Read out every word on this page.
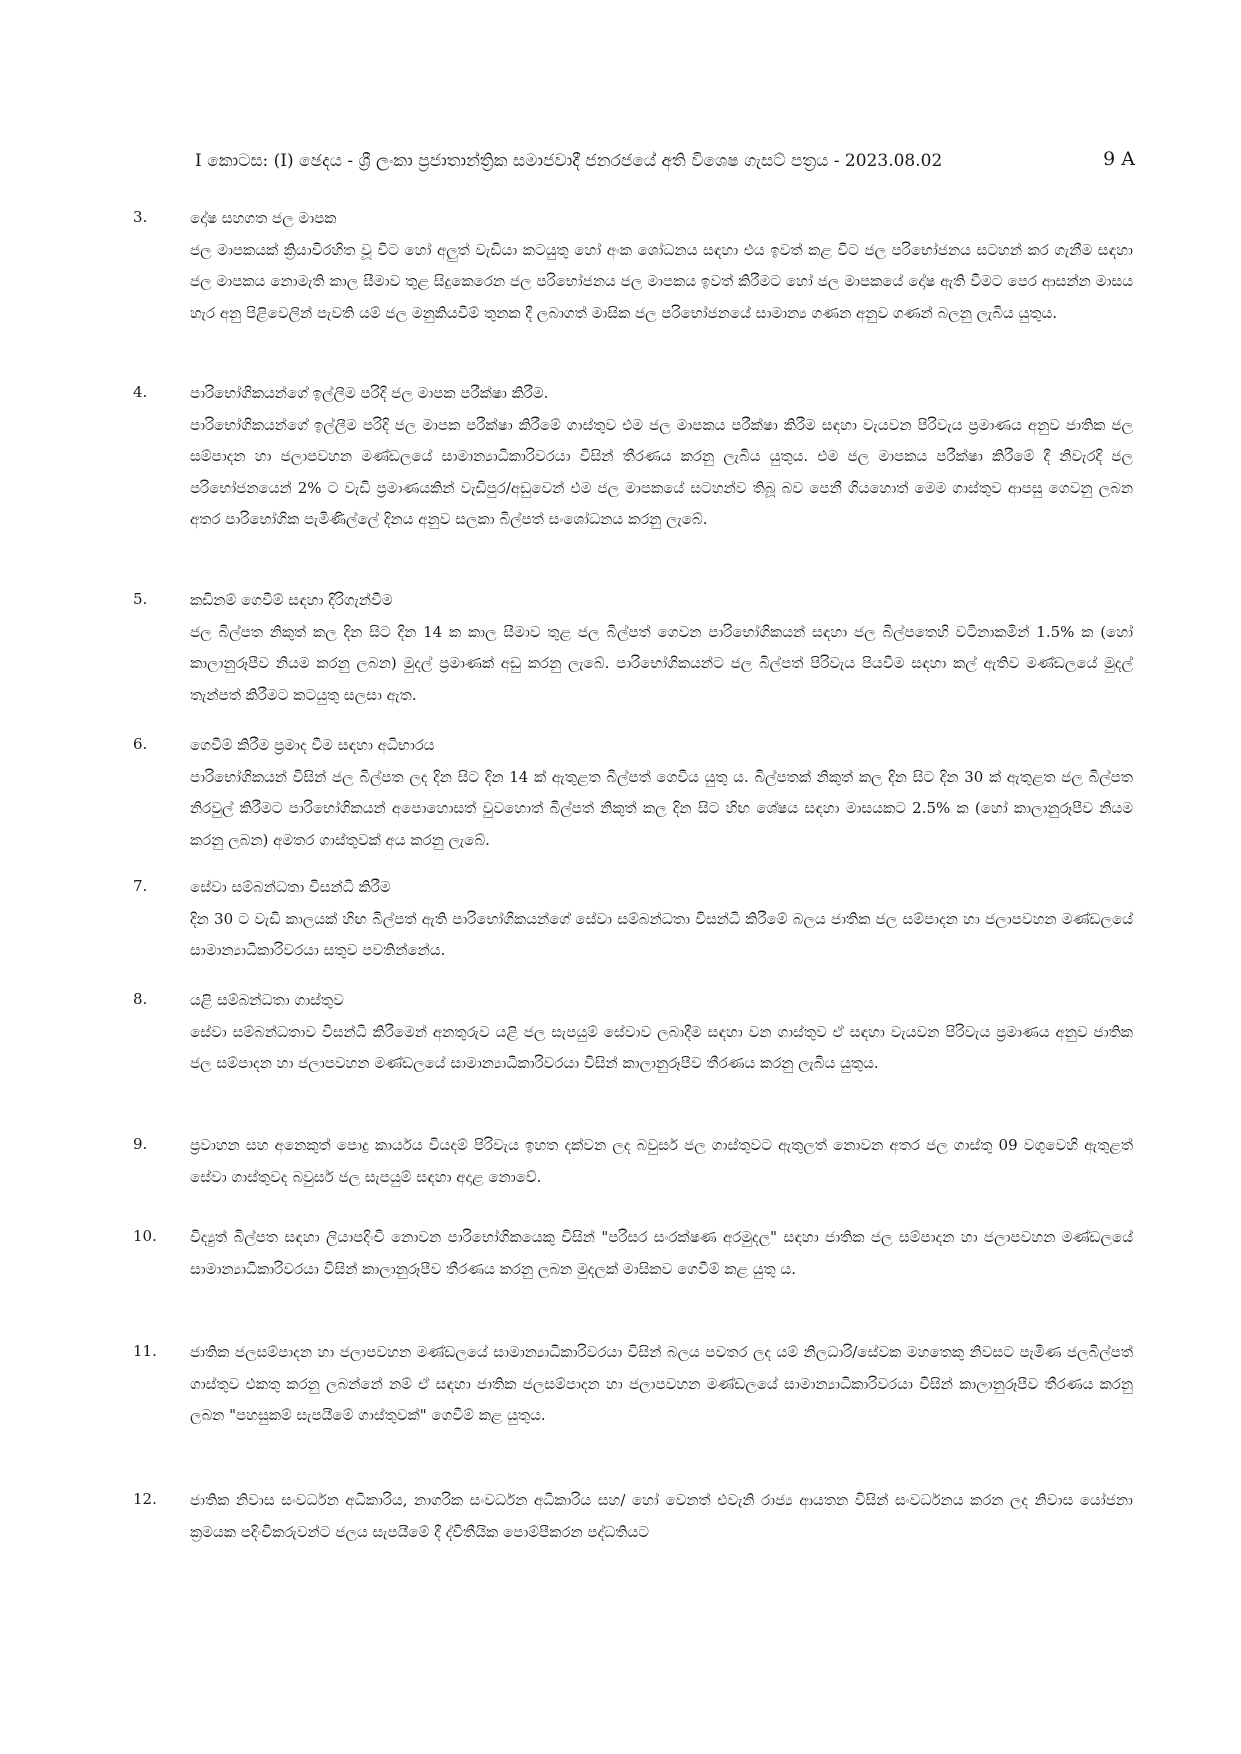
I කොටස: (I) ඡෙදය - ශ්‍රී ලංකා ප්‍රජාතාන්ත්‍රික සමාජවාදී ජනරජයේ අති විශෙෂ ගැසට් පත්‍රය - 2023.08.02	9 A
3.	දෝෂ සහගත ජල මාපක
ජල මාපකයක් ක්‍රියාවිරහිත වූ විට හෝ අලුත් වැඩියා කටයුතු හෝ අංක ශෝධනය සඳහා එය ඉවත් කළ විට ජල පරිභෝජනය සටහන් කර ගැනීම සඳහා ජල මාපකය නොමැති කාල සීමාව තුළ සිදුකෙරෙන ජල පරිභෝජනය ජල මාපකය ඉවත් කිරීමට හෝ ජල මාපකයේ දෝෂ ඇති වීමට පෙර ආසන්න මාසය හැර අනු පිළිවෙලින් පැවති යම් ජල මනුකියවීම් තුනක දී ලබාගත් මාසික ජල පරිභෝජනයේ සාමාන්‍ය ගණන අනුව ගණන් බලනු ලැබිය යුතුය.
4.	පාරිභෝගිකයන්ගේ ඉල්ලීම පරිදි ජල මාපක පරීක්ෂා කිරීම.
පාරිභෝගිකයන්ගේ ඉල්ලීම පරිදි ජල මාපක පරීක්ෂා කිරීමේ ගාස්තුව එම ජල මාපකය පරීක්ෂා කිරීම සඳහා වැයවන පිරිවැය ප්‍රමාණය අනුව ජාතික ජල සම්පාදන හා ජලාපවහන මණ්ඩලයේ සාමාන්‍යාධිකාරිවරයා විසින් තීරණය කරනු ලැබිය යුතුය. එම ජල මාපකය පරීක්ෂා කිරීමේ දී නිවැරදි ජල පරිභෝජනයෙන් 2% ට වැඩි ප්‍රමාණයකින් වැඩිපුර/අඩුවෙන් එම ජල මාපකයේ සටහන්ව තිබූ බව පෙනී ගියහොත් මෙම ගාස්තුව ආපසු ගෙවනු ලබන අතර පාරිභෝගික පැමිණිල්ලේ දිනය අනුව සලකා බිල්පත් සංශෝධනය කරනු ලැබේ.
5.	කඩිනම් ගෙවීම් සඳහා දිරිගැන්වීම
ජල බිල්පත නිකුත් කල දින සිට දින 14 ක කාල සීමාව තුළ ජල බිල්පත් ගෙවන පාරිභෝගිකයන් සඳහා ජල බිල්පතෙහි වටිනාකමින් 1.5% ක (හෝ කාලානුරූපීව නියම කරනු ලබන) මුදල් ප්‍රමාණක් අඩු කරනු ලැබේ. පාරිභෝගිකයන්ට ජල බිල්පත් පිරිවැය පියවීම සඳහා කල් ඇතිව මණ්ඩලයේ මුදල් තැන්පත් කිරීමට කටයුතු සලසා ඇත.
6.	ගෙවීම් කිරීම ප්‍රමාද වීම සඳහා අධිභාරය
පාරිභෝගිකයන් විසින් ජල බිල්පත ලද දින සිට දින 14 ක් ඇතුළත බිල්පත් ගෙවිය යුතු ය. බිල්පතක් නිකුත් කල දින සිට දින 30 ක් ඇතුළත ජල බිල්පත නිරවුල් කිරීමට පාරිභෝගිකයන් අපොහොසත් වුවහොත් බිල්පත් නිකුත් කල දින සිට හිඟ ශේෂය සඳහා මාසයකට 2.5% ක (හෝ කාලානුරූපීව නියම කරනු ලබන) අමතර ගාස්තුවක් අය කරනු ලැබේ.
7.	සේවා සම්බන්ධතා විසන්ධි කිරීම
දින 30 ට වැඩි කාලයක් හිඟ බිල්පත් ඇති පාරිභෝගිකයන්ගේ සේවා සම්බන්ධතා විසන්ධි කිරීමේ බලය ජාතික ජල සම්පාදන හා ජලාපවහන මණ්ඩලයේ සාමාන්‍යාධිකාරිවරයා සතුව පවතින්නේය.
8.	යළි සම්බන්ධතා ගාස්තුව
සේවා සම්බන්ධතාව විසන්ධි කිරීමෙන් අනතුරුව යළි ජල සැපයුම් සේවාව ලබාදීම සඳහා වන ගාස්තුව ඒ සඳහා වැයවන පිරිවැය ප්‍රමාණය අනුව ජාතික ජල සම්පාදන හා ජලාපවහන මණ්ඩලයේ සාමාන්‍යාධිකාරිවරයා විසින් කාලානුරූපීව තීරණය කරනු ලැබිය යුතුය.
9.	ප්‍රවාහන සහ අනෙකුත් පොදු කාර්යය වියදම් පිරිවැය ඉහත දක්වන ලද බවුසර් ජල ගාස්තුවට ඇතුලත් නොවන අතර ජල ගාස්තු 09 වගුවෙහි ඇතුළත් සේවා ගාස්තුවද බවුසර් ජල සැපයුම් සඳහා අදාළ නොවේ.
10. විද්‍යුත් බිල්පත සඳහා ලියාපදිංචි නොවන පාරිභෝගිකයෙකු විසින් "පරිසර සංරක්ෂණ අරමුදල" සඳහා ජාතික ජල සම්පාදන හා ජලාපවහන මණ්ඩලයේ සාමාන්‍යාධිකාරිවරයා විසින් කාලානුරූපීව තීරණය කරනු ලබන මුදලක් මාසිකව ගෙවීම් කළ යුතු ය.
11. ජාතික ජලසම්පාදන හා ජලාපවහන මණ්ඩලයේ සාමාන්‍යාධිකාරිවරයා විසින් බලය පවතර ලද යම් නිලධාරි/සේවක මහතෙකු නිවසට පැමිණ ජලබිල්පත් ගාස්තුව එකතු කරනු ලබන්නේ නම් ඒ සඳහා ජාතික ජලසම්පාදන හා ජලාපවහන මණ්ඩලයේ සාමාන්‍යාධිකාරිවරයා විසින් කාලානුරූපීව තීරණය කරනු ලබන "පහසුකම් සැපයීමේ ගාස්තුවක්" ගෙවීම් කළ යුතුය.
12. ජාතික නිවාස සංවර්ධන අධිකාරිය, නාගරික සංවර්ධන අධිකාරිය සහ/ හෝ වෙනත් එවැනි රාජ්‍ය ආයතන විසින් සංවර්ධනය කරන ලද නිවාස යෝජනා ක්‍රමයක පදිංචිකරුවන්ට ජලය සැපයීමේ දී ද්විතීයික පොම්පීකරන පද්ධතියට
